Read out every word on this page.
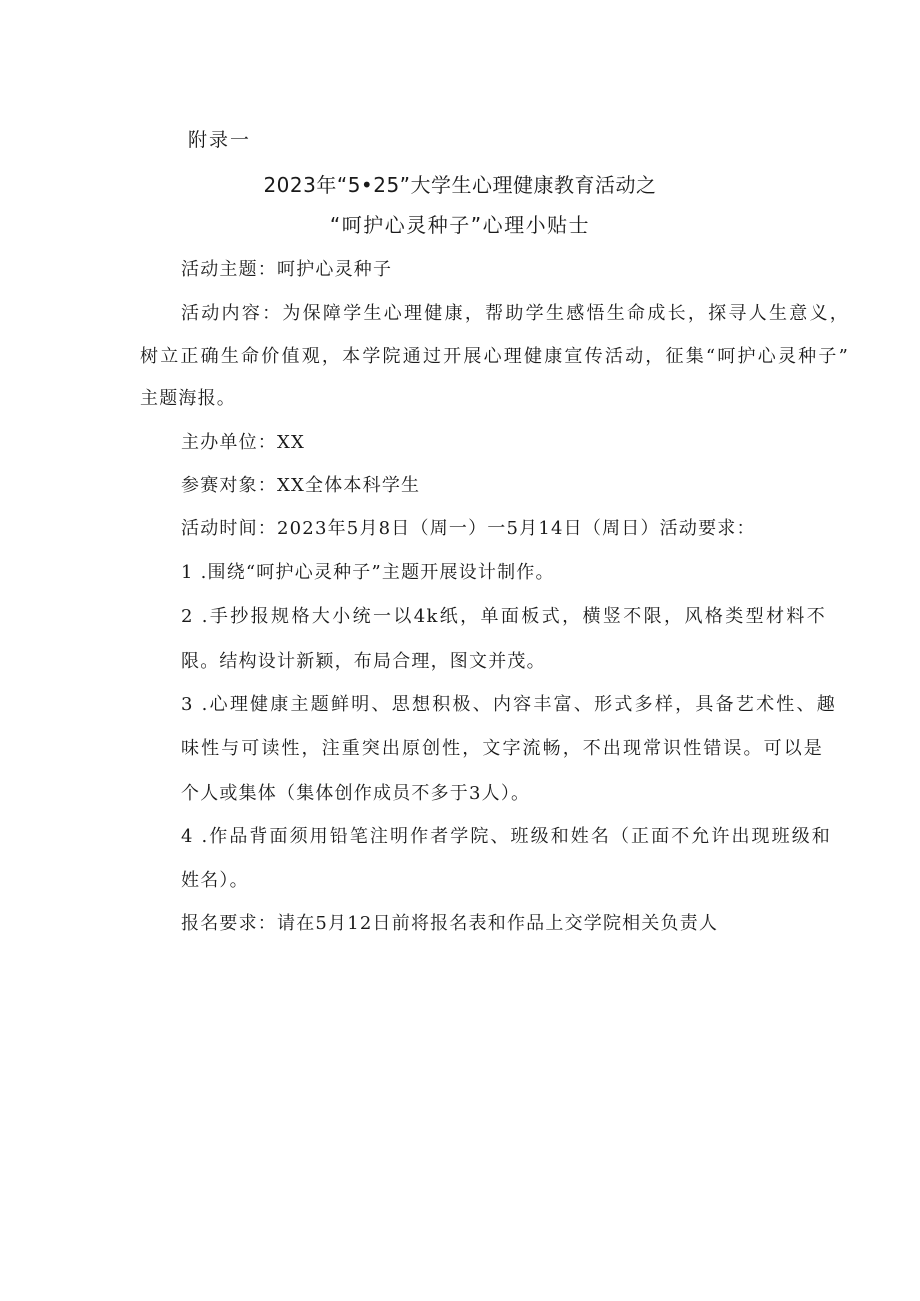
附录一
2023年“5•25”大学生心理健康教育活动之
“呵护心灵种子”心理小贴士
活动主题：呵护心灵种子
活动内容：为保障学生心理健康，帮助学生感悟生命成长，探寻人生意义，
树立正确生命价值观，本学院通过开展心理健康宣传活动，征集“呵护心灵种子”
主题海报。
主办单位：XX
参赛对象：XX全体本科学生
活动时间：2023年5月8日（周一）一5月14日（周日）活动要求：
1 .围绕“呵护心灵种子”主题开展设计制作。
2 .手抄报规格大小统一以4k纸，单面板式，横竖不限，风格类型材料不
限。结构设计新颖，布局合理，图文并茂。
3 .心理健康主题鲜明、思想积极、内容丰富、形式多样，具备艺术性、趣
味性与可读性，注重突出原创性，文字流畅，不出现常识性错误。可以是
个人或集体（集体创作成员不多于3人）。
4 .作品背面须用铅笔注明作者学院、班级和姓名（正面不允许出现班级和
姓名）。
报名要求：请在5月12日前将报名表和作品上交学院相关负责人
